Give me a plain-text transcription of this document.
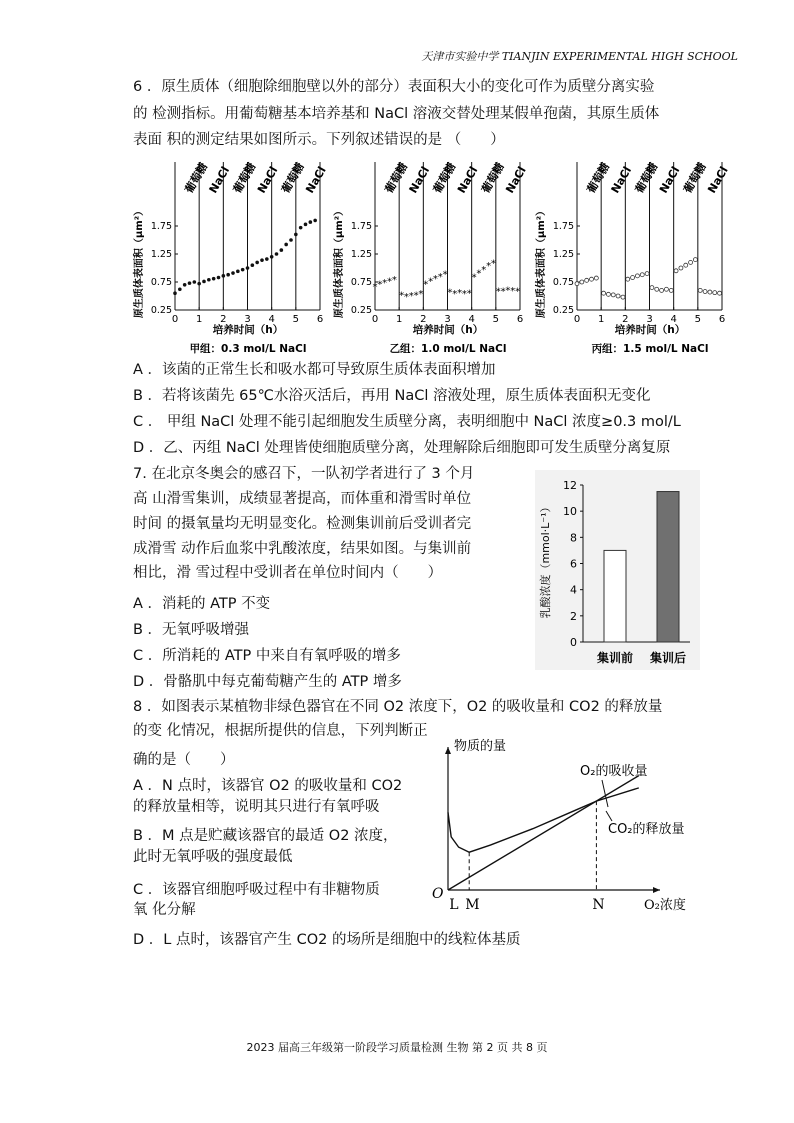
天津市实验中学 TIANJIN EXPERIMENTAL HIGH SCHOOL
6 ．原生质体（细胞除细胞壁以外的部分）表面积大小的变化可作为质壁分离实验
的 检测指标。用葡萄糖基本培养基和 NaCl 溶液交替处理某假单孢菌，其原生质体
表面 积的测定结果如图所示。下列叙述错误的是 （　　）
葡萄糖
NaCl
葡萄糖
NaCl
葡萄糖
NaCl
0 1 2 3 4 5 6
0.25
0.75
1.25
1.75
原生质体表面积（μm²）
培养时间（h）
甲组：0.3 mol/L NaCl
葡萄糖
NaCl
葡萄糖
NaCl
葡萄糖
NaCl
0 1 2 3 4 5 6
0.25
0.75
1.25
1.75
原生质体表面积（μm²）
培养时间（h）
乙组：1.0 mol/L NaCl
* * * * *
* * * * *
* * * * *
* * * * *
* * * * *
* * * * *
葡萄糖
NaCl
葡萄糖
NaCl
葡萄糖
NaCl
0 1 2 3 4 5 6
0.25
0.75
1.25
1.75
原生质体表面积（μm²）
培养时间（h）
丙组：1.5 mol/L NaCl
A ．该菌的正常生长和吸水都可导致原生质体表面积增加
B ．若将该菌先 65℃水浴灭活后，再用 NaCl 溶液处理，原生质体表面积无变化
C ． 甲组 NaCl 处理不能引起细胞发生质壁分离，表明细胞中 NaCl 浓度≥0.3 mol/L
D ．乙、丙组 NaCl 处理皆使细胞质壁分离，处理解除后细胞即可发生质壁分离复原
7. 在北京冬奥会的感召下，一队初学者进行了 3 个月
高 山滑雪集训，成绩显著提高，而体重和滑雪时单位
时间 的摄氧量均无明显变化。检测集训前后受训者完
成滑雪 动作后血浆中乳酸浓度，结果如图。与集训前
相比，滑 雪过程中受训者在单位时间内（　　）
A ．消耗的 ATP 不变
B ．无氧呼吸增强
C ．所消耗的 ATP 中来自有氧呼吸的增多
D ．骨骼肌中每克葡萄糖产生的 ATP 增多
0
2
4
6
8
10
12
乳酸浓度（mmol·L⁻¹）
集训前 集训后
8 ．如图表示某植物非绿色器官在不同 O2 浓度下，O2 的吸收量和 CO2 的释放量
的变 化情况，根据所提供的信息，下列判断正
确的是（　　）
A ．N 点时，该器官 O2 的吸收量和 CO2
的释放量相等，说明其只进行有氧呼吸
B ．M 点是贮藏该器官的最适 O2 浓度，
此时无氧呼吸的强度最低
C ．该器官细胞呼吸过程中有非糖物质
氧 化分解
D ．L 点时，该器官产生 CO2 的场所是细胞中的线粒体基质
物质的量
O₂浓度
O
O₂的吸收量
CO₂的释放量
L M	N
2023 届高三年级第一阶段学习质量检测 生物 第 2 页 共 8 页
